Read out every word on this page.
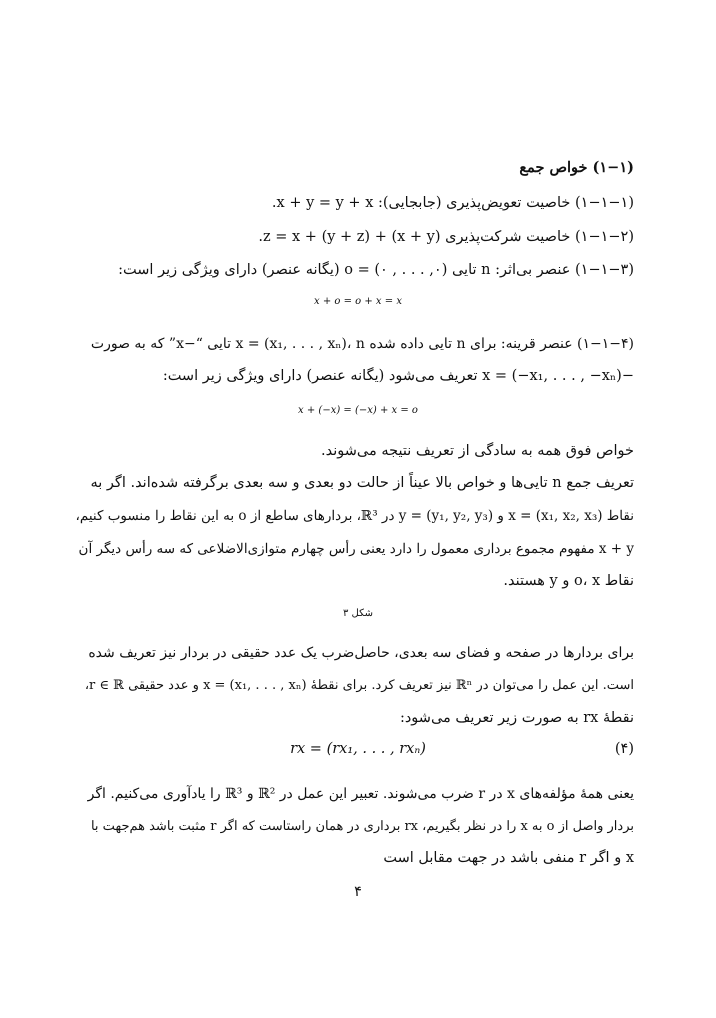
(۱−۱) خواص جمع
(۱−۱−۱) خاصیت تعویض‌پذیری (جابجایی): x + y = y + x.
(۱−۱−۲) خاصیت شرکت‌پذیری (x + y) + z = x + (y + z).
(۱−۱−۳) عنصر بی‌اثر: n تایی (۰, . . . , ۰) = o (یگانه عنصر) دارای ویژگی زیر است:
x + o = o + x = x
(۱−۱−۴) عنصر قرینه: برای n تایی داده شده x = (x₁, . . . , xₙ)، n تایی “−x” که به صورت
−x = (−x₁, . . . , −xₙ) تعریف می‌شود (یگانه عنصر) دارای ویژگی زیر است:
x + (−x) = (−x) + x = o
خواص فوق همه به سادگی از تعریف نتیجه می‌شوند.
تعریف جمع n تایی‌ها و خواص بالا عیناً از حالت دو بعدی و سه بعدی برگرفته شده‌اند. اگر به
نقاط x = (x₁, x₂, x₃) و y = (y₁, y₂, y₃) در ℝ³، بردارهای ساطع از o به این نقاط را منسوب کنیم،
x + y مفهوم مجموع برداری معمول را دارد یعنی رأس چهارم متوازی‌الاضلاعی که سه رأس دیگر آن
نقاط o، x و y هستند.
شکل ۳
برای بردارها در صفحه و فضای سه بعدی، حاصل‌ضرب یک عدد حقیقی در بردار نیز تعریف شده
است. این عمل را می‌توان در ℝⁿ نیز تعریف کرد. برای نقطهٔ x = (x₁, . . . , xₙ) و عدد حقیقی r ∈ ℝ،
نقطهٔ rx به صورت زیر تعریف می‌شود:
rx = (rx₁, . . . , rxₙ)	(۴)
یعنی همهٔ مؤلفه‌های x در r ضرب می‌شوند. تعبیر این عمل در ℝ² و ℝ³ را یادآوری می‌کنیم. اگر
بردار واصل از o به x را در نظر بگیریم، rx برداری در همان راستاست که اگر r مثبت باشد هم‌جهت با
x و اگر r منفی باشد در جهت مقابل است
۴
